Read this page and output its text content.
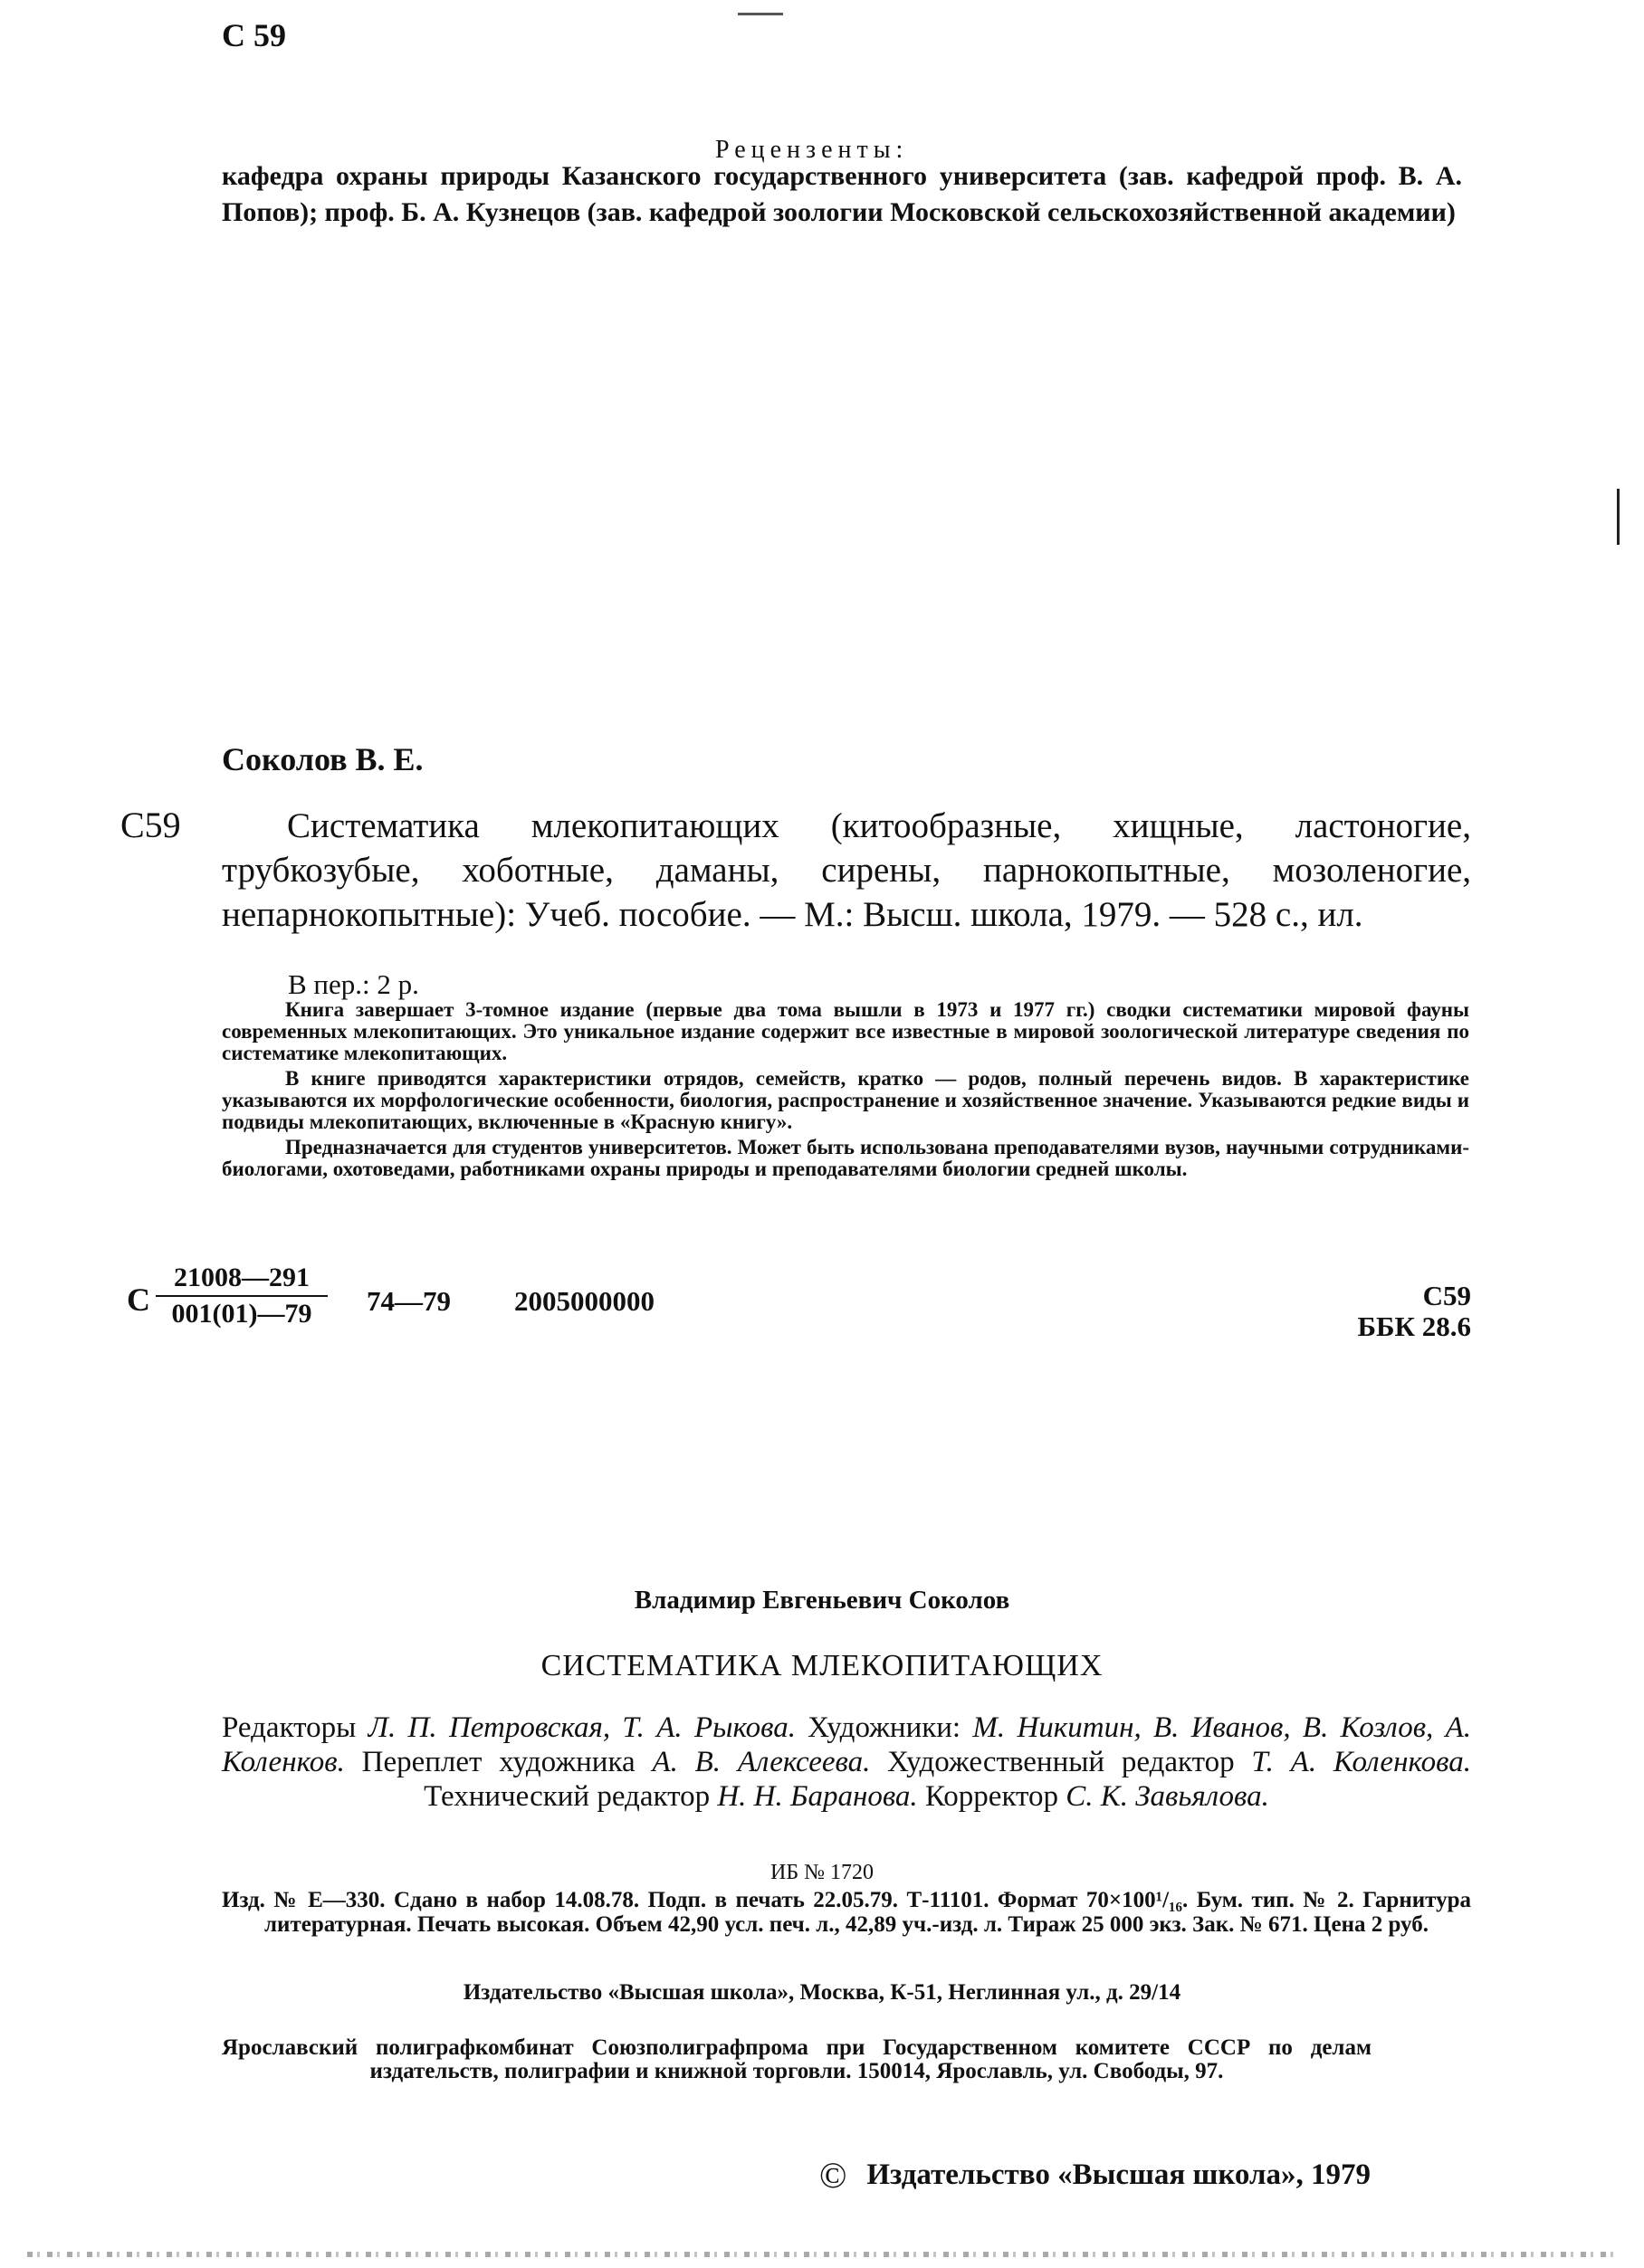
С 59
Рецензенты:
кафедра охраны природы Казанского государственного университета (зав. кафедрой проф. В. А. Попов); проф. Б. А. Кузнецов (зав. кафедрой зоологии Московской сельскохозяйственной академии)
Соколов В. Е.
С59	Систематика млекопитающих (китообразные, хищные, ластоногие, трубкозубые, хоботные, даманы, сирены, парнокопытные, мозоленогие, непарнокопытные): Учеб. пособие. — М.: Высш. школа, 1979. — 528 с., ил.
В пер.: 2 р.

Книга завершает 3-томное издание (первые два тома вышли в 1973 и 1977 гг.) сводки систематики мировой фауны современных млекопитающих. Это уникальное издание содержит все известные в мировой зоологической литературе сведения по систематике млекопитающих.

В книге приводятся характеристики отрядов, семейств, кратко — родов, полный перечень видов. В характеристике указываются их морфологические особенности, биология, распространение и хозяйственное значение. Указываются редкие виды и подвиды млекопитающих, включенные в «Красную книгу».

Предназначается для студентов университетов. Может быть использована преподавателями вузов, научными сотрудниками-биологами, охотоведами, работниками охраны природы и преподавателями биологии средней школы.

С
21008—291
001(01)—79	74—79 2005000000	С59
ББК 28.6
Владимир Евгеньевич Соколов
СИСТЕМАТИКА МЛЕКОПИТАЮЩИХ
Редакторы Л. П. Петровская, Т. А. Рыкова. Художники: М. Никитин, В. Иванов, В. Козлов, А. Коленков. Переплет художника А. В. Алексеева. Художественный редактор Т. А. Коленкова. Технический редактор Н. Н. Баранова. Корректор С. К. Завьялова.
ИБ № 1720
Изд. № Е—330. Сдано в набор 14.08.78. Подп. в печать 22.05.79. Т-11101. Формат 70×100¹/₁₆. Бум. тип. № 2. Гарнитура литературная. Печать высокая. Объем 42,90 усл. печ. л., 42,89 уч.-изд. л. Тираж 25 000 экз. Зак. № 671. Цена 2 руб.
Издательство «Высшая школа», Москва, К-51, Неглинная ул., д. 29/14
Ярославский полиграфкомбинат Союзполиграфпрома при Государственном комитете СССР по делам издательств, полиграфии и книжной торговли. 150014, Ярославль, ул. Свободы, 97.
© Издательство «Высшая школа», 1979
